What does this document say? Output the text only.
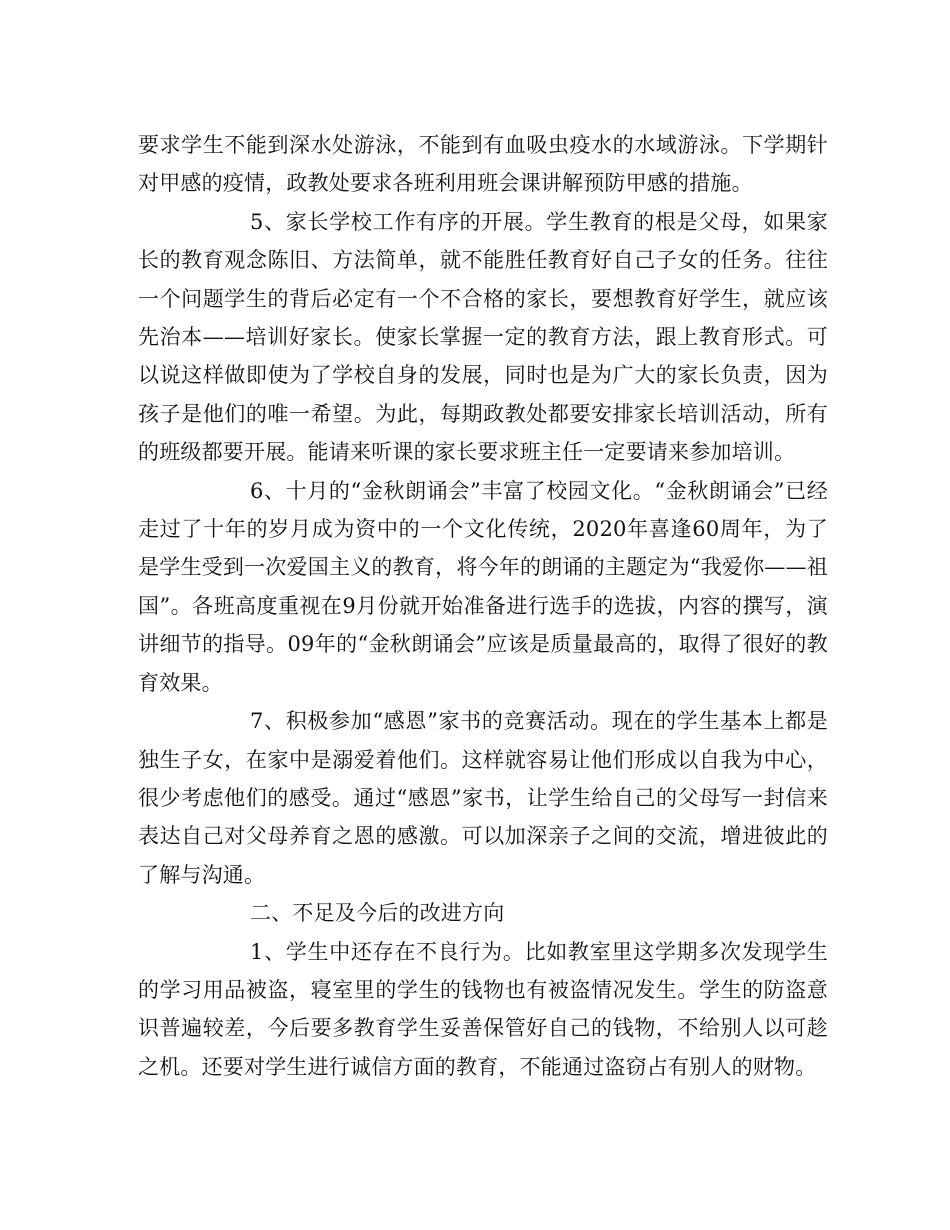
要求学生不能到深水处游泳，不能到有血吸虫疫水的水域游泳。下学期针对甲感的疫情，政教处要求各班利用班会课讲解预防甲感的措施。

5、家长学校工作有序的开展。学生教育的根是父母，如果家长的教育观念陈旧、方法简单，就不能胜任教育好自己子女的任务。往往一个问题学生的背后必定有一个不合格的家长，要想教育好学生，就应该先治本——培训好家长。使家长掌握一定的教育方法，跟上教育形式。可以说这样做即使为了学校自身的发展，同时也是为广大的家长负责，因为孩子是他们的唯一希望。为此，每期政教处都要安排家长培训活动，所有的班级都要开展。能请来听课的家长要求班主任一定要请来参加培训。

6、十月的“金秋朗诵会”丰富了校园文化。“金秋朗诵会”已经走过了十年的岁月成为资中的一个文化传统，2020年喜逢60周年，为了是学生受到一次爱国主义的教育，将今年的朗诵的主题定为“我爱你——祖国”。各班高度重视在9月份就开始准备进行选手的选拔，内容的撰写，演讲细节的指导。09年的“金秋朗诵会”应该是质量最高的，取得了很好的教育效果。

7、积极参加“感恩”家书的竞赛活动。现在的学生基本上都是独生子女，在家中是溺爱着他们。这样就容易让他们形成以自我为中心，很少考虑他们的感受。通过“感恩”家书，让学生给自己的父母写一封信来表达自己对父母养育之恩的感激。可以加深亲子之间的交流，增进彼此的了解与沟通。

二、不足及今后的改进方向

1、学生中还存在不良行为。比如教室里这学期多次发现学生的学习用品被盗，寝室里的学生的钱物也有被盗情况发生。学生的防盗意识普遍较差，今后要多教育学生妥善保管好自己的钱物，不给别人以可趁之机。还要对学生进行诚信方面的教育，不能通过盗窃占有别人的财物。
